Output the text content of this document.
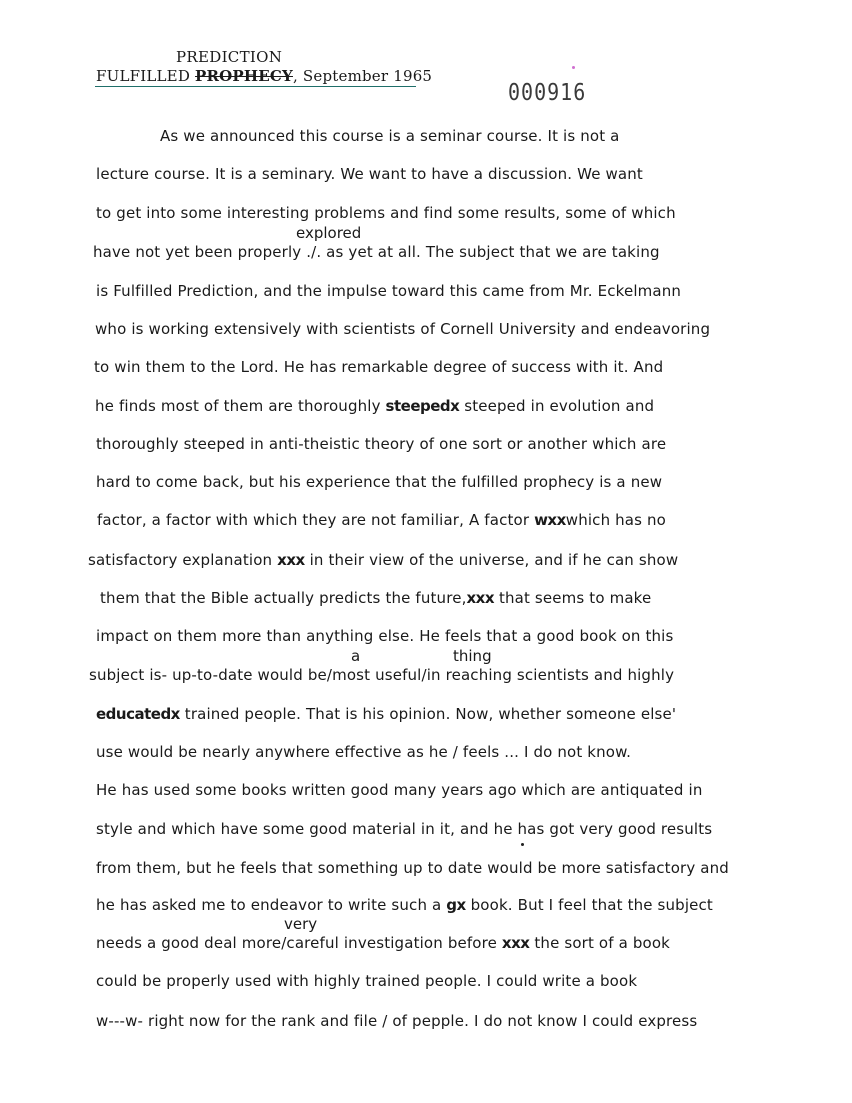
PREDICTION
FULFILLED PROPHECY, September 1965
000916
explored
a	thing
very
As we announced this course is a seminar course. It is not a
lecture course. It is a seminary. We want to have a discussion. We want
to get into some interesting problems and find some results, some of which
have not yet been properly ./. as yet at all. The subject that we are taking
is Fulfilled Prediction, and the impulse toward this came from Mr. Eckelmann
who is working extensively with scientists of Cornell University and endeavoring
to win them to the Lord. He has remarkable degree of success with it. And
he finds most of them are thoroughly steepedx steeped in evolution and
thoroughly steeped in anti-theistic theory of one sort or another which are
hard to come back, but his experience that the fulfilled prophecy is a new
factor, a factor with which they are not familiar, A factor wxxwhich has no
satisfactory explanation xxx in their view of the universe, and if he can show
them that the Bible actually predicts the future,xxx that seems to make
impact on them more than anything else. He feels that a good book on this
subject is- up-to-date would be/most useful/in reaching scientists and highly
educatedx trained people. That is his opinion. Now, whether someone else'
use would be nearly anywhere effective as he / feels ... I do not know.
He has used some books written good many years ago which are antiquated in
style and which have some good material in it, and he has got very good results
from them, but he feels that something up to date would be more satisfactory and
he has asked me to endeavor to write such a gx book. But I feel that the subject
needs a good deal more/careful investigation before xxx the sort of a book
could be properly used with highly trained people. I could write a book
w---w- right now for the rank and file / of pepple. I do not know I could express
